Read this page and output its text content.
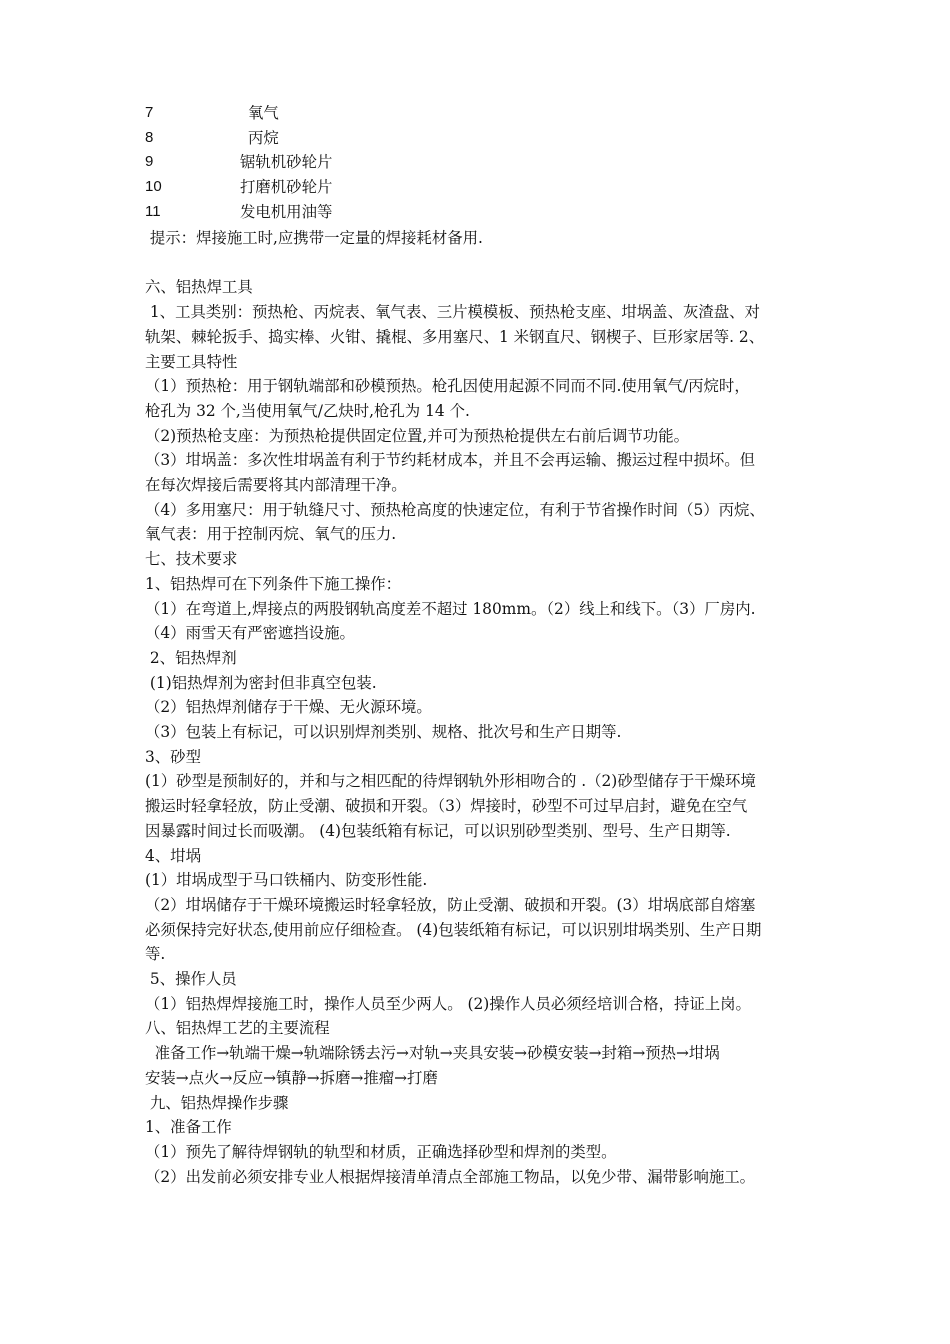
7	氧气
8	丙烷
9	锯轨机砂轮片
10	打磨机砂轮片
11	发电机用油等
提示：焊接施工时,应携带一定量的焊接耗材备用.
六、铝热焊工具
1、工具类别：预热枪、丙烷表、氧气表、三片模模板、预热枪支座、坩埚盖、灰渣盘、对
轨架、棘轮扳手、捣实棒、火钳、撬棍、多用塞尺、1 米钢直尺、钢楔子、巨形家居等. 2、
主要工具特性
（1）预热枪：用于钢轨端部和砂模预热。枪孔因使用起源不同而不同.使用氧气/丙烷时，
枪孔为 32 个,当使用氧气/乙炔时,枪孔为 14 个.
（2)预热枪支座：为预热枪提供固定位置,并可为预热枪提供左右前后调节功能。
（3）坩埚盖：多次性坩埚盖有利于节约耗材成本，并且不会再运输、搬运过程中损坏。但
在每次焊接后需要将其内部清理干净。
（4）多用塞尺：用于轨缝尺寸、预热枪高度的快速定位，有利于节省操作时间（5）丙烷、
氧气表：用于控制丙烷、氧气的压力.
七、技术要求
1、铝热焊可在下列条件下施工操作：
（1）在弯道上,焊接点的两股钢轨高度差不超过 180mm。（2）线上和线下。（3）厂房内.
（4）雨雪天有严密遮挡设施。
2、铝热焊剂
(1)铝热焊剂为密封但非真空包装.
（2）铝热焊剂储存于干燥、无火源环境。
（3）包装上有标记，可以识别焊剂类别、规格、批次号和生产日期等.
3、砂型
(1）砂型是预制好的，并和与之相匹配的待焊钢轨外形相吻合的 .（2)砂型储存于干燥环境
搬运时轻拿轻放，防止受潮、破损和开裂。（3）焊接时，砂型不可过早启封，避免在空气
因暴露时间过长而吸潮。 (4)包装纸箱有标记，可以识别砂型类别、型号、生产日期等.
4、坩埚
(1）坩埚成型于马口铁桶内、防变形性能.
（2）坩埚储存于干燥环境搬运时轻拿轻放，防止受潮、破损和开裂。(3）坩埚底部自熔塞
必须保持完好状态,使用前应仔细检查。 (4)包装纸箱有标记，可以识别坩埚类别、生产日期
等.
5、操作人员
（1）铝热焊焊接施工时，操作人员至少两人。 (2)操作人员必须经培训合格，持证上岗。
八、铝热焊工艺的主要流程
准备工作→轨端干燥→轨端除锈去污→对轨→夹具安装→砂模安装→封箱→预热→坩埚
安装→点火→反应→镇静→拆磨→推瘤→打磨
九、铝热焊操作步骤
1、准备工作
（1）预先了解待焊钢轨的轨型和材质，正确选择砂型和焊剂的类型。
（2）出发前必须安排专业人根据焊接清单清点全部施工物品，以免少带、漏带影响施工。
